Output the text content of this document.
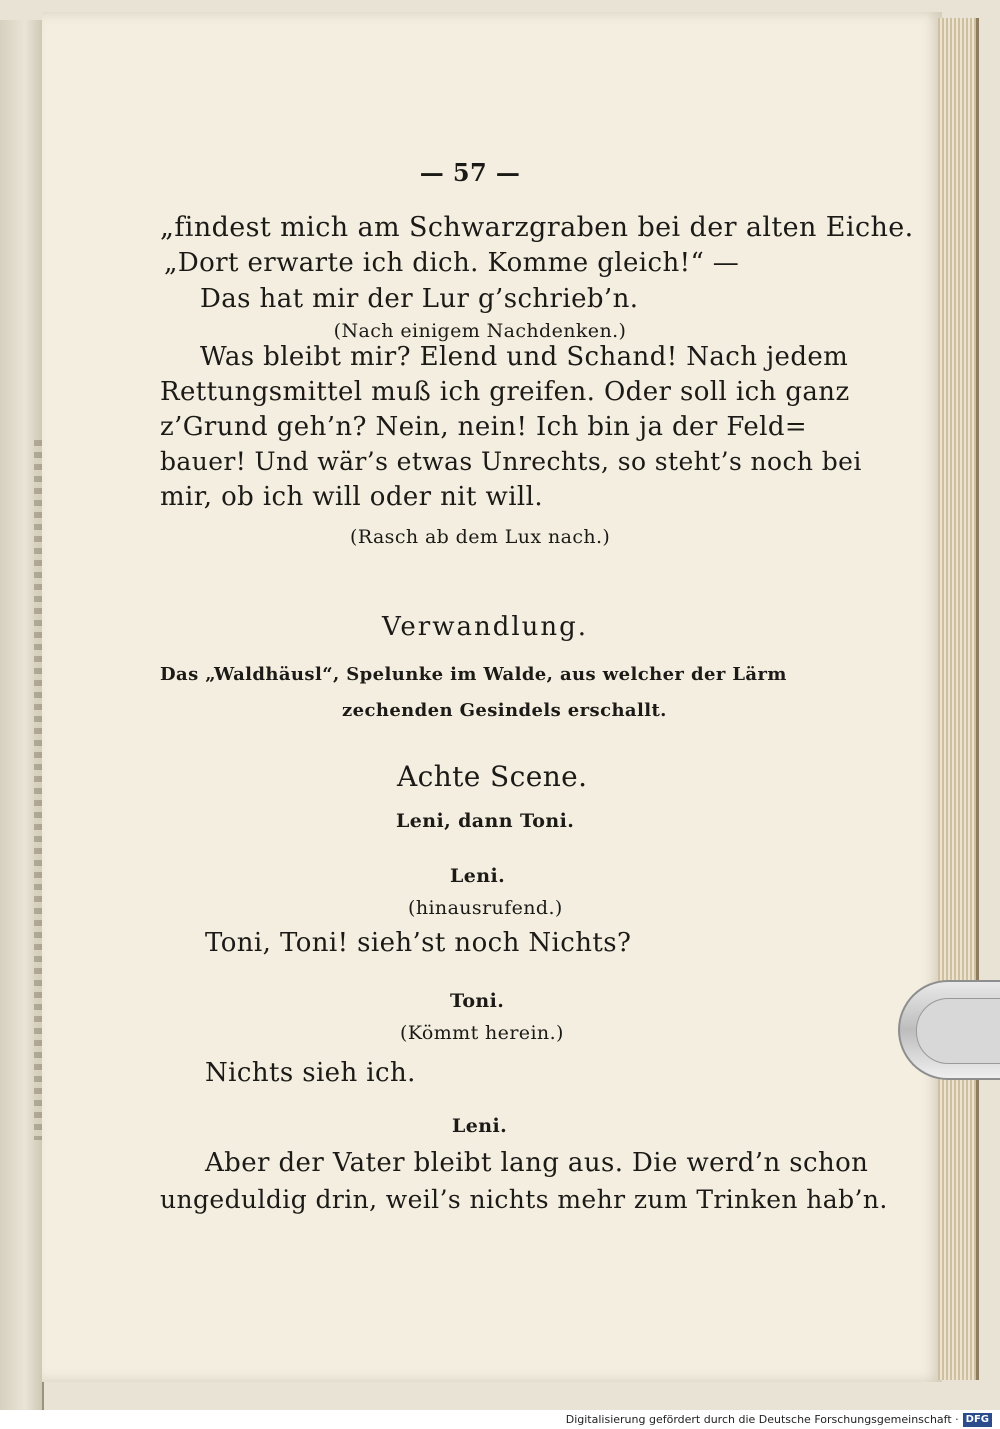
— 57 —
„findest mich am Schwarzgraben bei der alten Eiche.
„Dort erwarte ich dich. Komme gleich!“ —
Das hat mir der Lur g’schrieb’n.
(Nach einigem Nachdenken.)
Was bleibt mir? Elend und Schand! Nach jedem
Rettungsmittel muß ich greifen. Oder soll ich ganz
z’Grund geh’n? Nein, nein! Ich bin ja der Feld=
bauer! Und wär’s etwas Unrechts, so steht’s noch bei
mir, ob ich will oder nit will.
(Rasch ab dem Lux nach.)
Verwandlung.
Das „Waldhäusl“, Spelunke im Walde, aus welcher der Lärm
zechenden Gesindels erschallt.
Achte Scene.
Leni, dann Toni.
Leni.
(hinausrufend.)
Toni, Toni! sieh’st noch Nichts?
Toni.
(Kömmt herein.)
Nichts sieh ich.
Leni.
Aber der Vater bleibt lang aus. Die werd’n schon
ungeduldig drin, weil’s nichts mehr zum Trinken hab’n.
Digitalisierung gefördert durch die Deutsche Forschungsgemeinschaft · DFG
